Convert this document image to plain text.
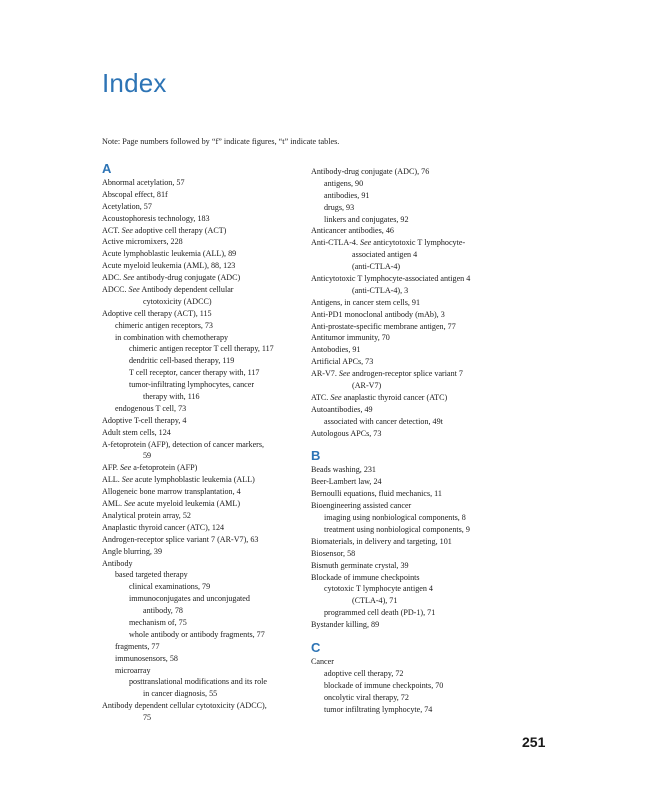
Index
Note: Page numbers followed by “f” indicate figures, “t” indicate tables.
A
Abnormal acetylation, 57
Abscopal effect, 81f
Acetylation, 57
Acoustophoresis technology, 183
ACT. See adoptive cell therapy (ACT)
Active micromixers, 228
Acute lymphoblastic leukemia (ALL), 89
Acute myeloid leukemia (AML), 88, 123
ADC. See antibody-drug conjugate (ADC)
ADCC. See Antibody dependent cellular
cytotoxicity (ADCC)
Adoptive cell therapy (ACT), 115
chimeric antigen receptors, 73
in combination with chemotherapy
chimeric antigen receptor T cell therapy, 117
dendritic cell-based therapy, 119
T cell receptor, cancer therapy with, 117
tumor-infiltrating lymphocytes, cancer
therapy with, 116
endogenous T cell, 73
Adoptive T-cell therapy, 4
Adult stem cells, 124
A-fetoprotein (AFP), detection of cancer markers,
59
AFP. See a-fetoprotein (AFP)
ALL. See acute lymphoblastic leukemia (ALL)
Allogeneic bone marrow transplantation, 4
AML. See acute myeloid leukemia (AML)
Analytical protein array, 52
Anaplastic thyroid cancer (ATC), 124
Androgen-receptor splice variant 7 (AR-V7), 63
Angle blurring, 39
Antibody
based targeted therapy
clinical examinations, 79
immunoconjugates and unconjugated
antibody, 78
mechanism of, 75
whole antibody or antibody fragments, 77
fragments, 77
immunosensors, 58
microarray
posttranslational modifications and its role
in cancer diagnosis, 55
Antibody dependent cellular cytotoxicity (ADCC),
75
Antibody-drug conjugate (ADC), 76
antigens, 90
antibodies, 91
drugs, 93
linkers and conjugates, 92
Anticancer antibodies, 46
Anti-CTLA-4. See anticytotoxic T lymphocyte-
associated antigen 4
(anti-CTLA-4)
Anticytotoxic T lymphocyte-associated antigen 4
(anti-CTLA-4), 3
Antigens, in cancer stem cells, 91
Anti-PD1 monoclonal antibody (mAb), 3
Anti-prostate-specific membrane antigen, 77
Antitumor immunity, 70
Antobodies, 91
Artificial APCs, 73
AR-V7. See androgen-receptor splice variant 7
(AR-V7)
ATC. See anaplastic thyroid cancer (ATC)
Autoantibodies, 49
associated with cancer detection, 49t
Autologous APCs, 73
B
Beads washing, 231
Beer-Lambert law, 24
Bernoulli equations, fluid mechanics, 11
Bioengineering assisted cancer
imaging using nonbiological components, 8
treatment using nonbiological components, 9
Biomaterials, in delivery and targeting, 101
Biosensor, 58
Bismuth germinate crystal, 39
Blockade of immune checkpoints
cytotoxic T lymphocyte antigen 4
(CTLA-4), 71
programmed cell death (PD-1), 71
Bystander killing, 89
C
Cancer
adoptive cell therapy, 72
blockade of immune checkpoints, 70
oncolytic viral therapy, 72
tumor infiltrating lymphocyte, 74
251
